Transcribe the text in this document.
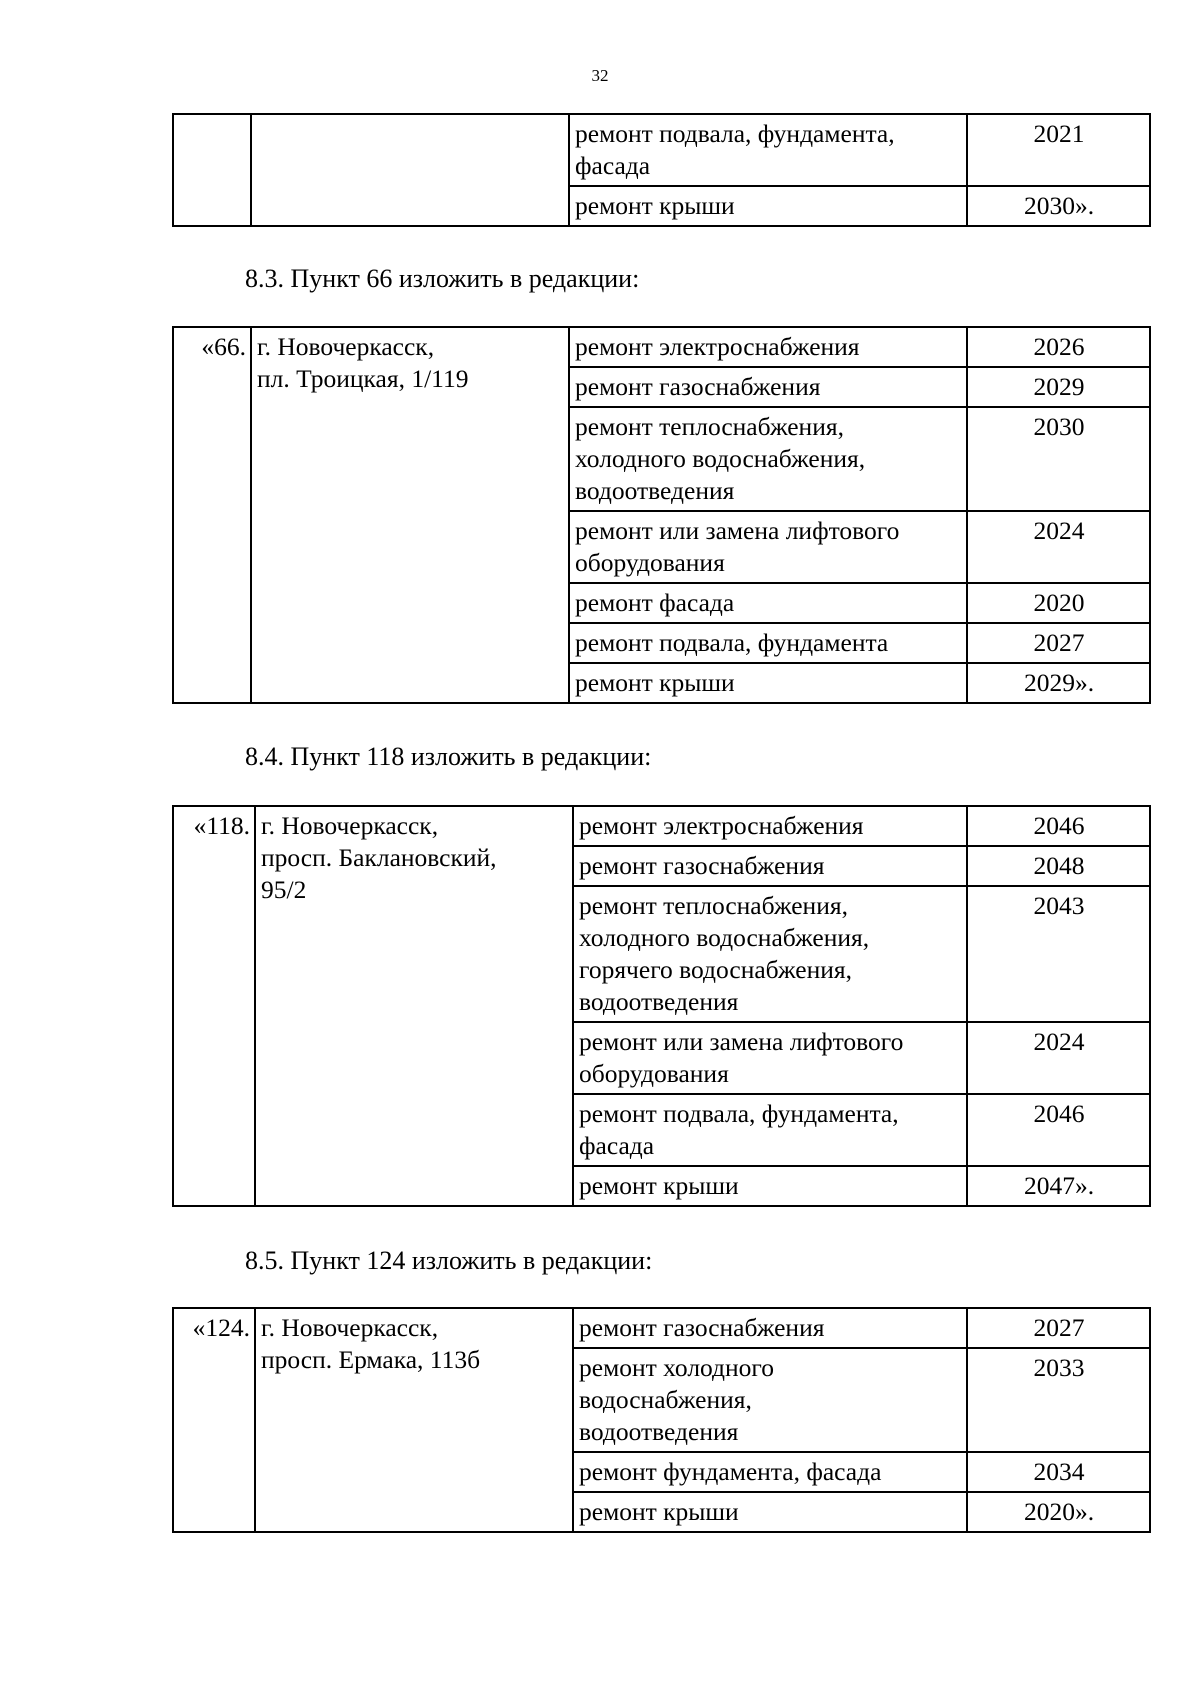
32
		ремонт подвала, фундамента,
фасада	2021
		ремонт крыши	2030».
8.3. Пункт 66 изложить в редакции:
«66.	г. Новочеркасск,
пл. Троицкая, 1/119	ремонт электроснабжения	2026
		ремонт газоснабжения	2029
		ремонт теплоснабжения,
холодного водоснабжения,
водоотведения	2030
		ремонт или замена лифтового
оборудования	2024
		ремонт фасада	2020
		ремонт подвала, фундамента	2027
		ремонт крыши	2029».
8.4. Пункт 118 изложить в редакции:
«118.	г. Новочеркасск,
просп. Баклановский,
95/2	ремонт электроснабжения	2046
		ремонт газоснабжения	2048
		ремонт теплоснабжения,
холодного водоснабжения,
горячего водоснабжения,
водоотведения	2043
		ремонт или замена лифтового
оборудования	2024
		ремонт подвала, фундамента,
фасада	2046
		ремонт крыши	2047».
8.5. Пункт 124 изложить в редакции:
«124.	г. Новочеркасск,
просп. Ермака, 113б	ремонт газоснабжения	2027
		ремонт холодного
водоснабжения,
водоотведения	2033
		ремонт фундамента, фасада	2034
		ремонт крыши	2020».
